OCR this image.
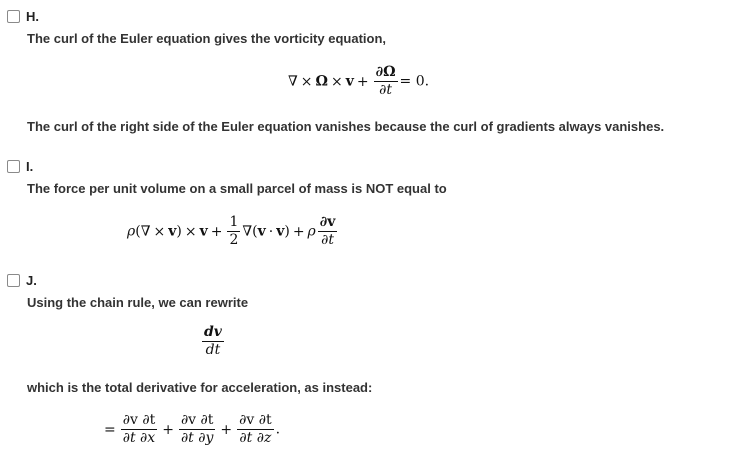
H.
The curl of the Euler equation gives the vorticity equation,
∇ × $\Omega \times v + \frac{\partial\Omega}{\partial t} = 0$.
The curl of the right side of the Euler equation vanishes because the curl of gradients always vanishes.
I.
The force per unit volume on a small parcel of mass is NOT equal to
$\rho(\nabla \times v) \times v + \frac{1}{2} \nabla(v \cdot v) + \rho \frac{\partial v}{\partial t}$
J.
Using the chain rule, we can rewrite
$\frac{dv}{dt}$
which is the total derivative for acceleration, as instead:
= $\frac{\partial v \partial t}{\partial t \partial x} + \frac{\partial v \partial t}{\partial t \partial y} + \frac{\partial v \partial t}{\partial t \partial z}$ .
